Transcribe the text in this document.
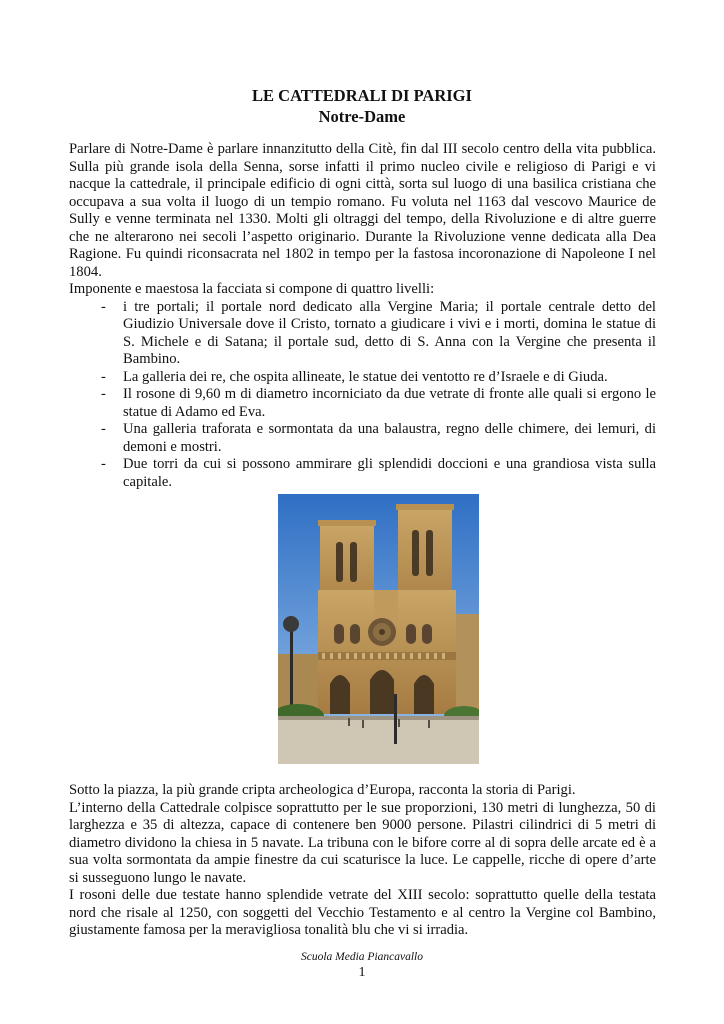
LE CATTEDRALI DI PARIGI
Notre-Dame

Parlare di Notre-Dame è parlare innanzitutto della Citè, fin dal III secolo centro della vita pubblica. Sulla più grande isola della Senna, sorse infatti il primo nucleo civile e religioso di Parigi e vi nacque la cattedrale, il principale edificio di ogni città, sorta sul luogo di una basilica cristiana che occupava a sua volta il luogo di un tempio romano. Fu voluta nel 1163 dal vescovo Maurice de Sully e venne terminata nel 1330. Molti gli oltraggi del tempo, della Rivoluzione e di altre guerre che ne alterarono nei secoli l’aspetto originario. Durante la Rivoluzione venne dedicata alla Dea Ragione. Fu quindi riconsacrata nel 1802 in tempo per la fastosa incoronazione di Napoleone I nel 1804.

Imponente e maestosa la facciata si compone di quattro livelli:

- i tre portali; il portale nord dedicato alla Vergine Maria; il portale centrale detto del Giudizio Universale dove il Cristo, tornato a giudicare i vivi e i morti, domina le statue di S. Michele e di Satana; il portale sud, detto di S. Anna con la Vergine che presenta il Bambino.
- La galleria dei re, che ospita allineate, le statue dei ventotto re d’Israele e di Giuda.
- Il rosone di 9,60 m di diametro incorniciato da due vetrate di fronte alle quali si ergono le statue di Adamo ed Eva.
- Una galleria traforata e sormontata da una balaustra, regno delle chimere, dei lemuri, di demoni e mostri.
- Due torri da cui si possono ammirare gli splendidi doccioni e una grandiosa vista sulla capitale.

Sotto la piazza, la più grande cripta archeologica d’Europa, racconta la storia di Parigi.

L’interno della Cattedrale colpisce soprattutto per le sue proporzioni, 130 metri di lunghezza, 50 di larghezza e 35 di altezza, capace di contenere ben 9000 persone. Pilastri cilindrici di 5 metri di diametro dividono la chiesa in 5 navate. La tribuna con le bifore corre al di sopra delle arcate ed è a sua volta sormontata da ampie finestre da cui scaturisce la luce. Le cappelle, ricche di opere d’arte si susseguono lungo le navate.

I rosoni delle due testate hanno splendide vetrate del XIII secolo: soprattutto quelle della testata nord che risale al 1250, con soggetti del Vecchio Testamento e al centro la Vergine col Bambino, giustamente famosa per la meravigliosa tonalità blu che vi si irradia.

Scuola Media Piancavallo
1
